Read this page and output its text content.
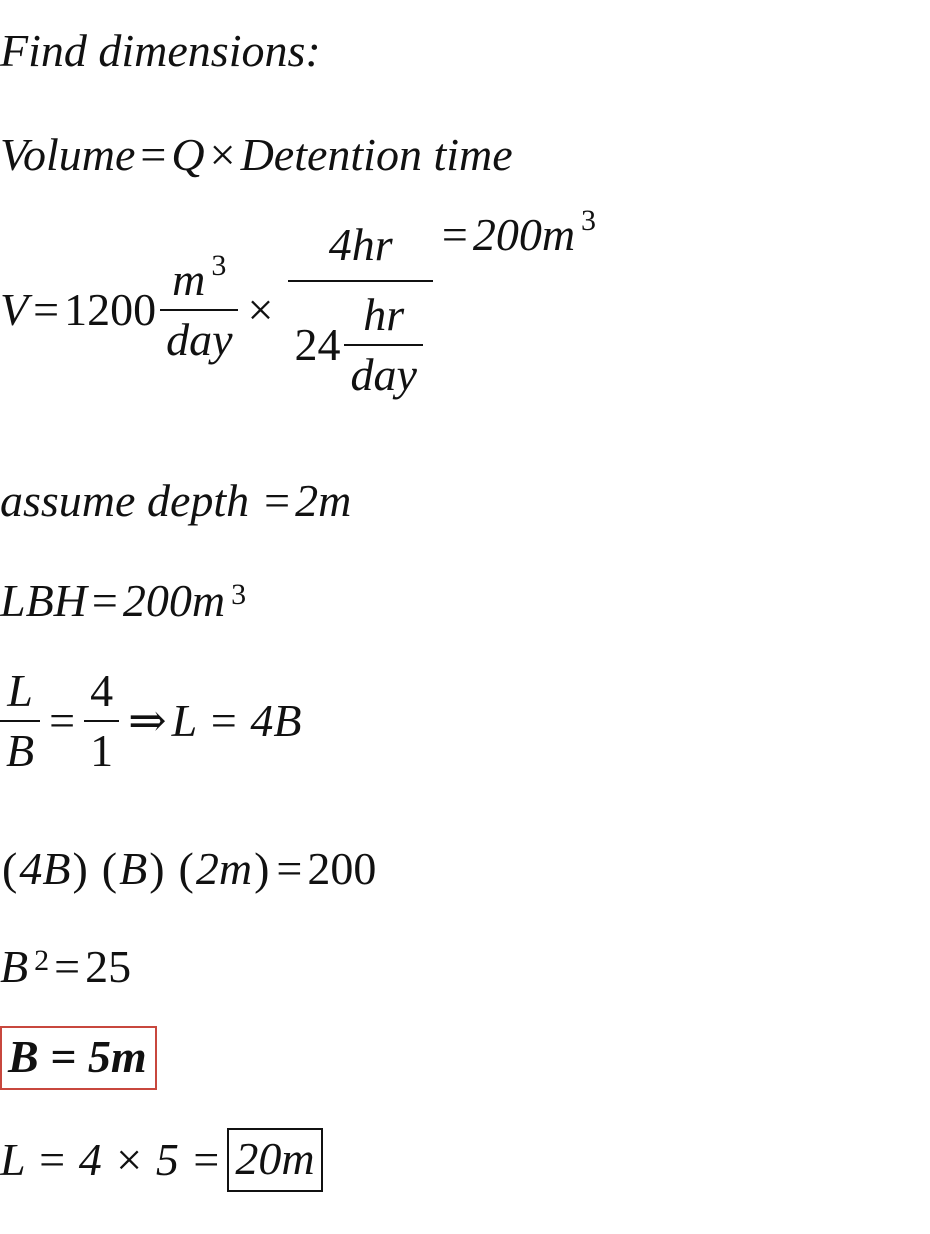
Find dimensions:
Volume = Q × Detention time
$V = 1200 \frac{m ^3}{\text{day}} \times \frac{4hr}{24 \frac{hr}{\text{day}}} = 200m$ $^3$
assume depth = 2m
LBH = $200m^3$
$\frac{L}{B} = \frac{4}{1}$ ⇒ L = 4B
( 4B ) ( B ) ( 2m ) = 200
$B^2 = 25$
B = 5m
L = 4 × 5 = 20m
